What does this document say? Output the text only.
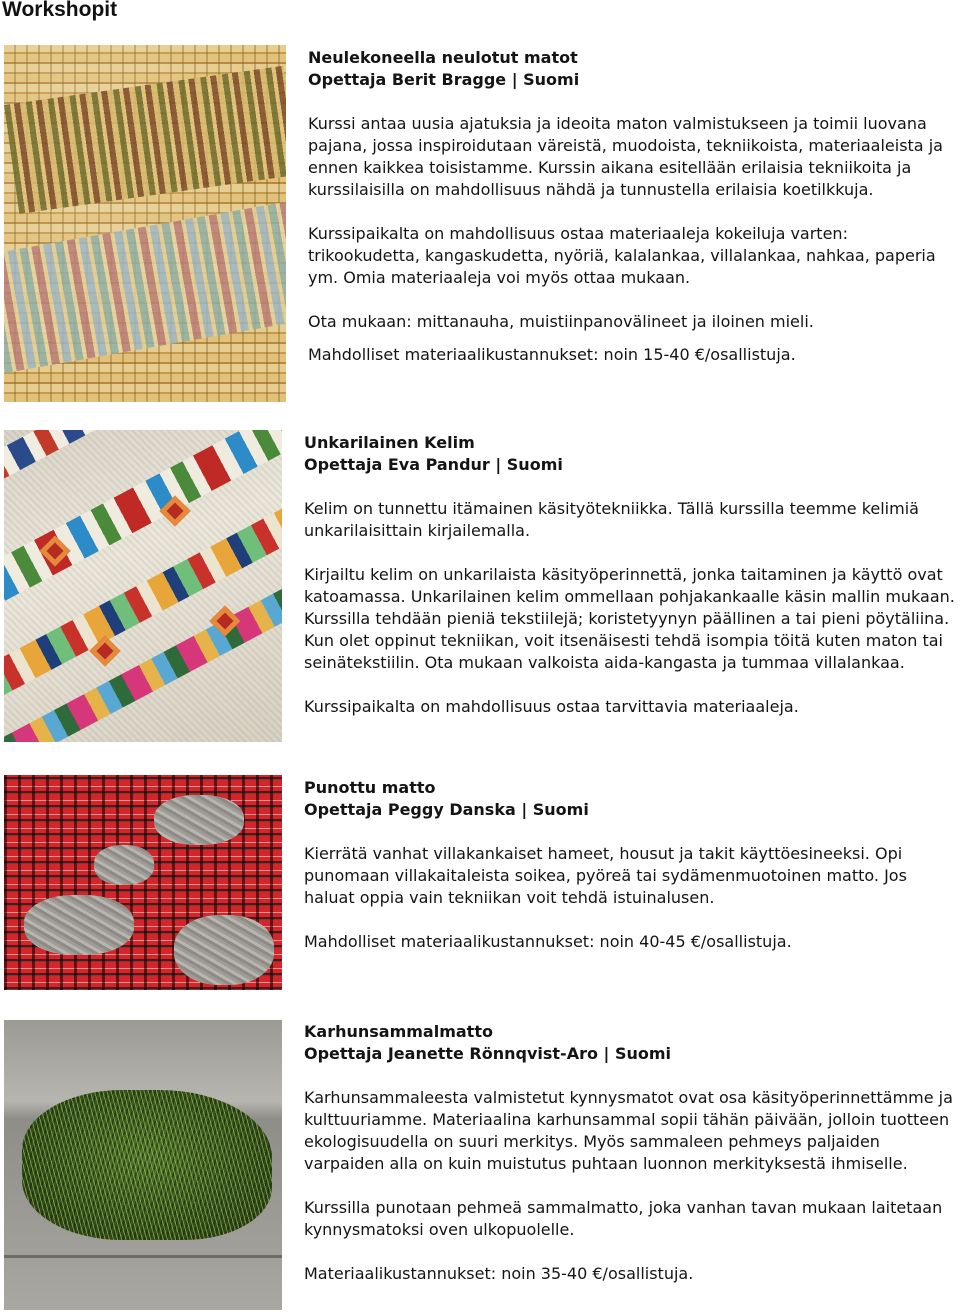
Workshopit

Neulekoneella neulotut matot

Opettaja Berit Bragge | Suomi

Kurssi antaa uusia ajatuksia ja ideoita maton valmistukseen ja toimii luovana pajana, jossa inspiroidutaan väreistä, muodoista, tekniikoista, materiaaleista ja ennen kaikkea toisistamme. Kurssin aikana esitellään erilaisia tekniikoita ja kurssilaisilla on mahdollisuus nähdä ja tunnustella erilaisia koetilkkuja.

Kurssipaikalta on mahdollisuus ostaa materiaaleja kokeiluja varten: trikookudetta, kangaskudetta, nyöriä, kalalankaa, villalankaa, nahkaa, paperia ym. Omia materiaaleja voi myös ottaa mukaan.

Ota mukaan: mittanauha, muistiinpanovälineet ja iloinen mieli.

Mahdolliset materiaalikustannukset: noin 15-40 €/osallistuja.

Unkarilainen Kelim

Opettaja Eva Pandur | Suomi

Kelim on tunnettu itämainen käsityötekniikka. Tällä kurssilla teemme kelimiä unkarilaisittain kirjailemalla.

Kirjailtu kelim on unkarilaista käsityöperinnettä, jonka taitaminen ja käyttö ovat katoamassa. Unkarilainen kelim ommellaan pohjakankaalle käsin mallin mukaan. Kurssilla tehdään pieniä tekstiilejä; koristetyynyn päällinen a tai pieni pöytäliina. Kun olet oppinut tekniikan, voit itsenäisesti tehdä isompia töitä kuten maton tai seinätekstiilin. Ota mukaan valkoista aida-kangasta ja tummaa villalankaa.

Kurssipaikalta on mahdollisuus ostaa tarvittavia materiaaleja.

Punottu matto

Opettaja Peggy Danska | Suomi

Kierrätä vanhat villakankaiset hameet, housut ja takit käyttöesineeksi. Opi punomaan villakaitaleista soikea, pyöreä tai sydämenmuotoinen matto. Jos haluat oppia vain tekniikan voit tehdä istuinalusen.

Mahdolliset materiaalikustannukset: noin 40-45 €/osallistuja.

Karhunsammalmatto

Opettaja Jeanette Rönnqvist-Aro | Suomi

Karhunsammaleesta valmistetut kynnysmatot ovat osa käsityöperinnettämme ja kulttuuriamme. Materiaalina karhunsammal sopii tähän päivään, jolloin tuotteen ekologisuudella on suuri merkitys. Myös sammaleen pehmeys paljaiden varpaiden alla on kuin muistutus puhtaan luonnon merkityksestä ihmiselle.

Kurssilla punotaan pehmeä sammalmatto, joka vanhan tavan mukaan laitetaan kynnysmatoksi oven ulkopuolelle.

Materiaalikustannukset: noin 35-40 €/osallistuja.
